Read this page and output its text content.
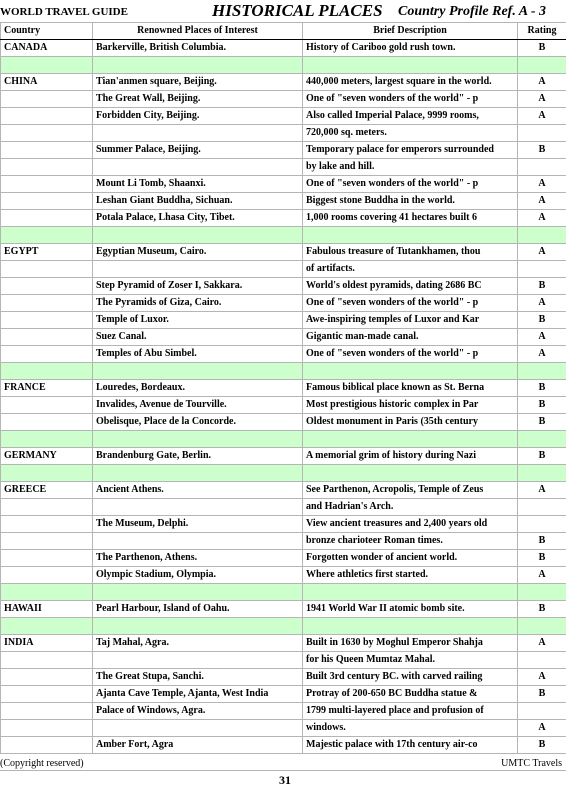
WORLD TRAVEL GUIDE	HISTORICAL PLACES Country Profile Ref. A - 3
Country	Renowned Places of Interest	Brief Description	Rating
CANADA	Barkerville, British Columbia.	History of Cariboo gold rush town.	B

CHINA	Tian'anmen square, Beijing.	440,000 meters, largest square in the world.	A
	The Great Wall, Beijing.	One of "seven wonders of the world" - p	A
	Forbidden City, Beijing.	Also called Imperial Palace, 9999 rooms,	A
		720,000 sq. meters.	
	Summer Palace, Beijing.	Temporary palace for emperors surrounded	B
		by lake and hill.	
	Mount Li Tomb, Shaanxi.	One of "seven wonders of the world" - p	A
	Leshan Giant Buddha, Sichuan.	Biggest stone Buddha in the world.	A
	Potala Palace, Lhasa City, Tibet.	1,000 rooms covering 41 hectares built 6	A

EGYPT	Egyptian Museum, Cairo.	Fabulous treasure of Tutankhamen, thou	A
		of artifacts.	
	Step Pyramid of Zoser I, Sakkara.	World's oldest pyramids, dating 2686 BC	B
	The Pyramids of Giza, Cairo.	One of "seven wonders of the world" - p	A
	Temple of Luxor.	Awe-inspiring temples of Luxor and Kar	B
	Suez Canal.	Gigantic man-made canal.	A
	Temples of Abu Simbel.	One of "seven wonders of the world" - p	A

FRANCE	Louredes, Bordeaux.	Famous biblical place known as St. Berna	B
	Invalides, Avenue de Tourville.	Most prestigious historic complex in Par	B
	Obelisque, Place de la Concorde.	Oldest monument in Paris (35th century	B

GERMANY	Brandenburg Gate, Berlin.	A memorial grim of history during Nazi	B

GREECE	Ancient Athens.	See Parthenon, Acropolis, Temple of Zeus	A
		and Hadrian's Arch.	
	The Museum, Delphi.	View ancient treasures and 2,400 years old	
		bronze charioteer Roman times.	B
	The Parthenon, Athens.	Forgotten wonder of ancient world.	B
	Olympic Stadium, Olympia.	Where athletics first started.	A

HAWAII	Pearl Harbour, Island of Oahu.	1941 World War II atomic bomb site.	B

INDIA	Taj Mahal, Agra.	Built in 1630 by Moghul Emperor Shahja	A
		for his Queen Mumtaz Mahal.	
	The Great Stupa, Sanchi.	Built 3rd century BC. with carved railing	A
	Ajanta Cave Temple, Ajanta, West India	Protray of 200-650 BC Buddha statue &	B
	Palace of Windows, Agra.	1799 multi-layered place and profusion of	
		windows.	A
	Amber Fort, Agra	Majestic palace with 17th century air-co	B
(Copyright reserved)	UMTC Travels
31
